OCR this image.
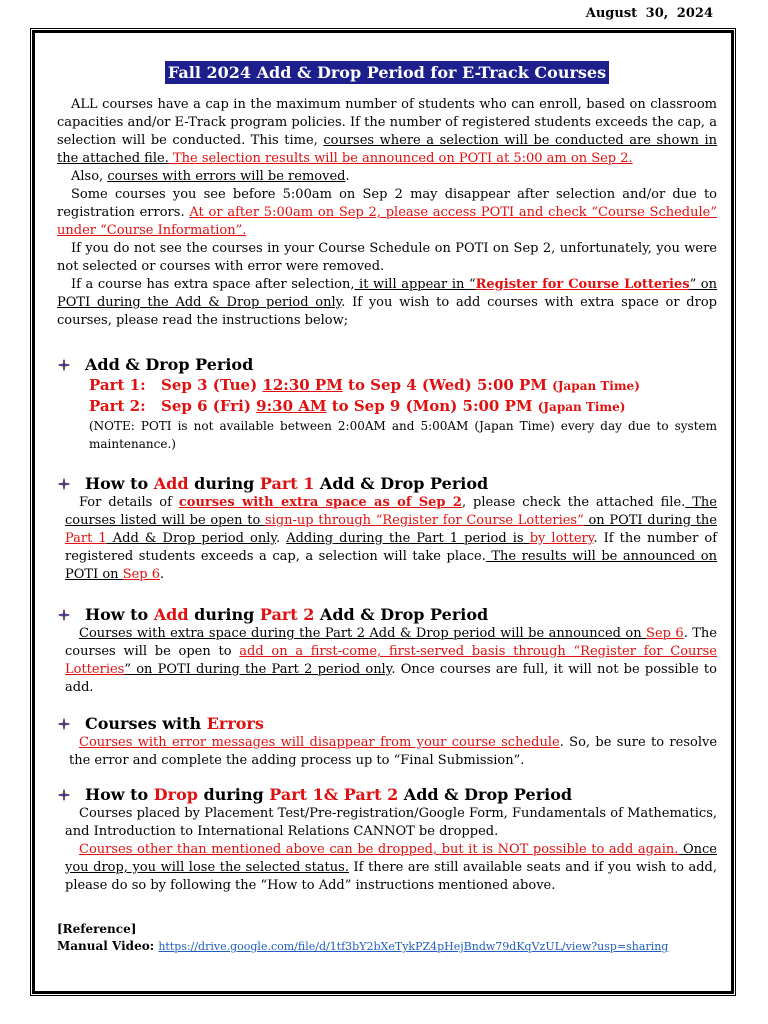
August 30, 2024
Fall 2024 Add & Drop Period for E-Track Courses

ALL courses have a cap in the maximum number of students who can enroll, based on classroom capacities and/or E-Track program policies. If the number of registered students exceeds the cap, a selection will be conducted. This time, courses where a selection will be conducted are shown in the attached file. The selection results will be announced on POTI at 5:00 am on Sep 2.

Also, courses with errors will be removed.

Some courses you see before 5:00am on Sep 2 may disappear after selection and/or due to registration errors. At or after 5:00am on Sep 2, please access POTI and check “Course Schedule” under “Course Information”.

If you do not see the courses in your Course Schedule on POTI on Sep 2, unfortunately, you were not selected or courses with error were removed.

If a course has extra space after selection, it will appear in “Register for Course Lotteries” on POTI during the Add & Drop period only. If you wish to add courses with extra space or drop courses, please read the instructions below;

Add & Drop Period
Part 1: Sep 3 (Tue) 12:30 PM to Sep 4 (Wed) 5:00 PM (Japan Time)
Part 2: Sep 6 (Fri) 9:30 AM to Sep 9 (Mon) 5:00 PM (Japan Time)
(NOTE: POTI is not available between 2:00AM and 5:00AM (Japan Time) every day due to system maintenance.)
How to Add during Part 1 Add & Drop Period

For details of courses with extra space as of Sep 2, please check the attached file. The courses listed will be open to sign-up through “Register for Course Lotteries” on POTI during the Part 1 Add & Drop period only. Adding during the Part 1 period is by lottery. If the number of registered students exceeds a cap, a selection will take place. The results will be announced on POTI on Sep 6.

How to Add during Part 2 Add & Drop Period

Courses with extra space during the Part 2 Add & Drop period will be announced on Sep 6. The courses will be open to add on a first-come, first-served basis through “Register for Course Lotteries” on POTI during the Part 2 period only. Once courses are full, it will not be possible to add.

Courses with Errors

Courses with error messages will disappear from your course schedule. So, be sure to resolve the error and complete the adding process up to “Final Submission”.

How to Drop during Part 1& Part 2 Add & Drop Period

Courses placed by Placement Test/Pre-registration/Google Form, Fundamentals of Mathematics, and Introduction to International Relations CANNOT be dropped.

Courses other than mentioned above can be dropped, but it is NOT possible to add again. Once you drop, you will lose the selected status. If there are still available seats and if you wish to add, please do so by following the “How to Add” instructions mentioned above.

[Reference]
Manual Video: https://drive.google.com/file/d/1tf3bY2bXeTykPZ4pHejBndw79dKqVzUL/view?usp=sharing
